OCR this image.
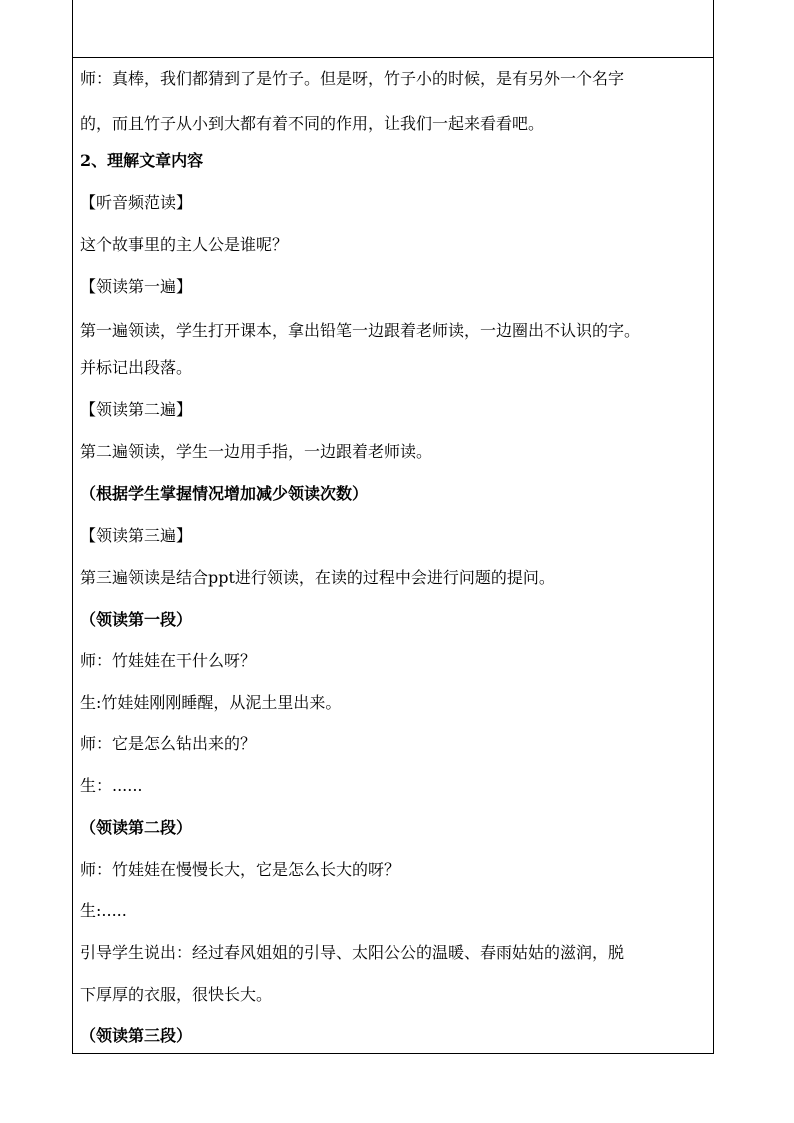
师：真棒，我们都猜到了是竹子。但是呀，竹子小的时候，是有另外一个名字
的，而且竹子从小到大都有着不同的作用，让我们一起来看看吧。
2、理解文章内容
【听音频范读】
这个故事里的主人公是谁呢？
【领读第一遍】
第一遍领读，学生打开课本，拿出铅笔一边跟着老师读，一边圈出不认识的字。
并标记出段落。
【领读第二遍】
第二遍领读，学生一边用手指，一边跟着老师读。
（根据学生掌握情况增加减少领读次数）
【领读第三遍】
第三遍领读是结合ppt进行领读，在读的过程中会进行问题的提问。
（领读第一段）
师：竹娃娃在干什么呀？
生:竹娃娃刚刚睡醒，从泥土里出来。
师：它是怎么钻出来的？
生：......
（领读第二段）
师：竹娃娃在慢慢长大，它是怎么长大的呀？
生:.....
引导学生说出：经过春风姐姐的引导、太阳公公的温暖、春雨姑姑的滋润，脱
下厚厚的衣服，很快长大。
（领读第三段）
